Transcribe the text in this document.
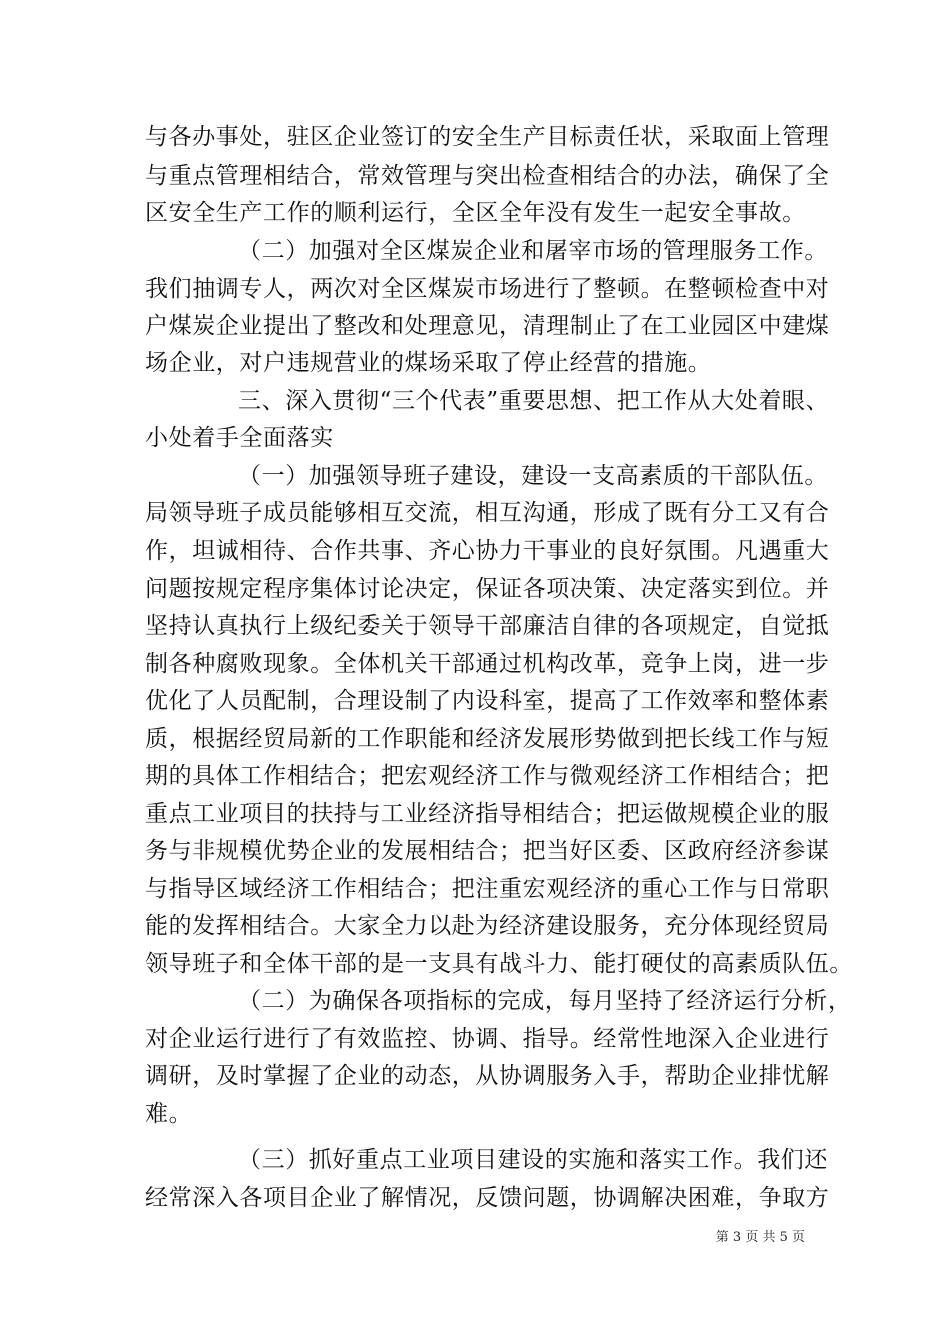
与各办事处，驻区企业签订的安全生产目标责任状，采取面上管理
与重点管理相结合，常效管理与突出检查相结合的办法，确保了全
区安全生产工作的顺利运行，全区全年没有发生一起安全事故。
（二）加强对全区煤炭企业和屠宰市场的管理服务工作。
我们抽调专人，两次对全区煤炭市场进行了整顿。在整顿检查中对
户煤炭企业提出了整改和处理意见，清理制止了在工业园区中建煤
场企业，对户违规营业的煤场采取了停止经营的措施。
三、深入贯彻“三个代表”重要思想、把工作从大处着眼、
小处着手全面落实
（一）加强领导班子建设，建设一支高素质的干部队伍。
局领导班子成员能够相互交流，相互沟通，形成了既有分工又有合
作，坦诚相待、合作共事、齐心协力干事业的良好氛围。凡遇重大
问题按规定程序集体讨论决定，保证各项决策、决定落实到位。并
坚持认真执行上级纪委关于领导干部廉洁自律的各项规定，自觉抵
制各种腐败现象。全体机关干部通过机构改革，竞争上岗，进一步
优化了人员配制，合理设制了内设科室，提高了工作效率和整体素
质，根据经贸局新的工作职能和经济发展形势做到把长线工作与短
期的具体工作相结合；把宏观经济工作与微观经济工作相结合；把
重点工业项目的扶持与工业经济指导相结合；把运做规模企业的服
务与非规模优势企业的发展相结合；把当好区委、区政府经济参谋
与指导区域经济工作相结合；把注重宏观经济的重心工作与日常职
能的发挥相结合。大家全力以赴为经济建设服务，充分体现经贸局
领导班子和全体干部的是一支具有战斗力、能打硬仗的高素质队伍。
（二）为确保各项指标的完成，每月坚持了经济运行分析，
对企业运行进行了有效监控、协调、指导。经常性地深入企业进行
调研，及时掌握了企业的动态，从协调服务入手，帮助企业排忧解
难。
（三）抓好重点工业项目建设的实施和落实工作。我们还
经常深入各项目企业了解情况，反馈问题，协调解决困难，争取方
第 3 页 共 5 页
